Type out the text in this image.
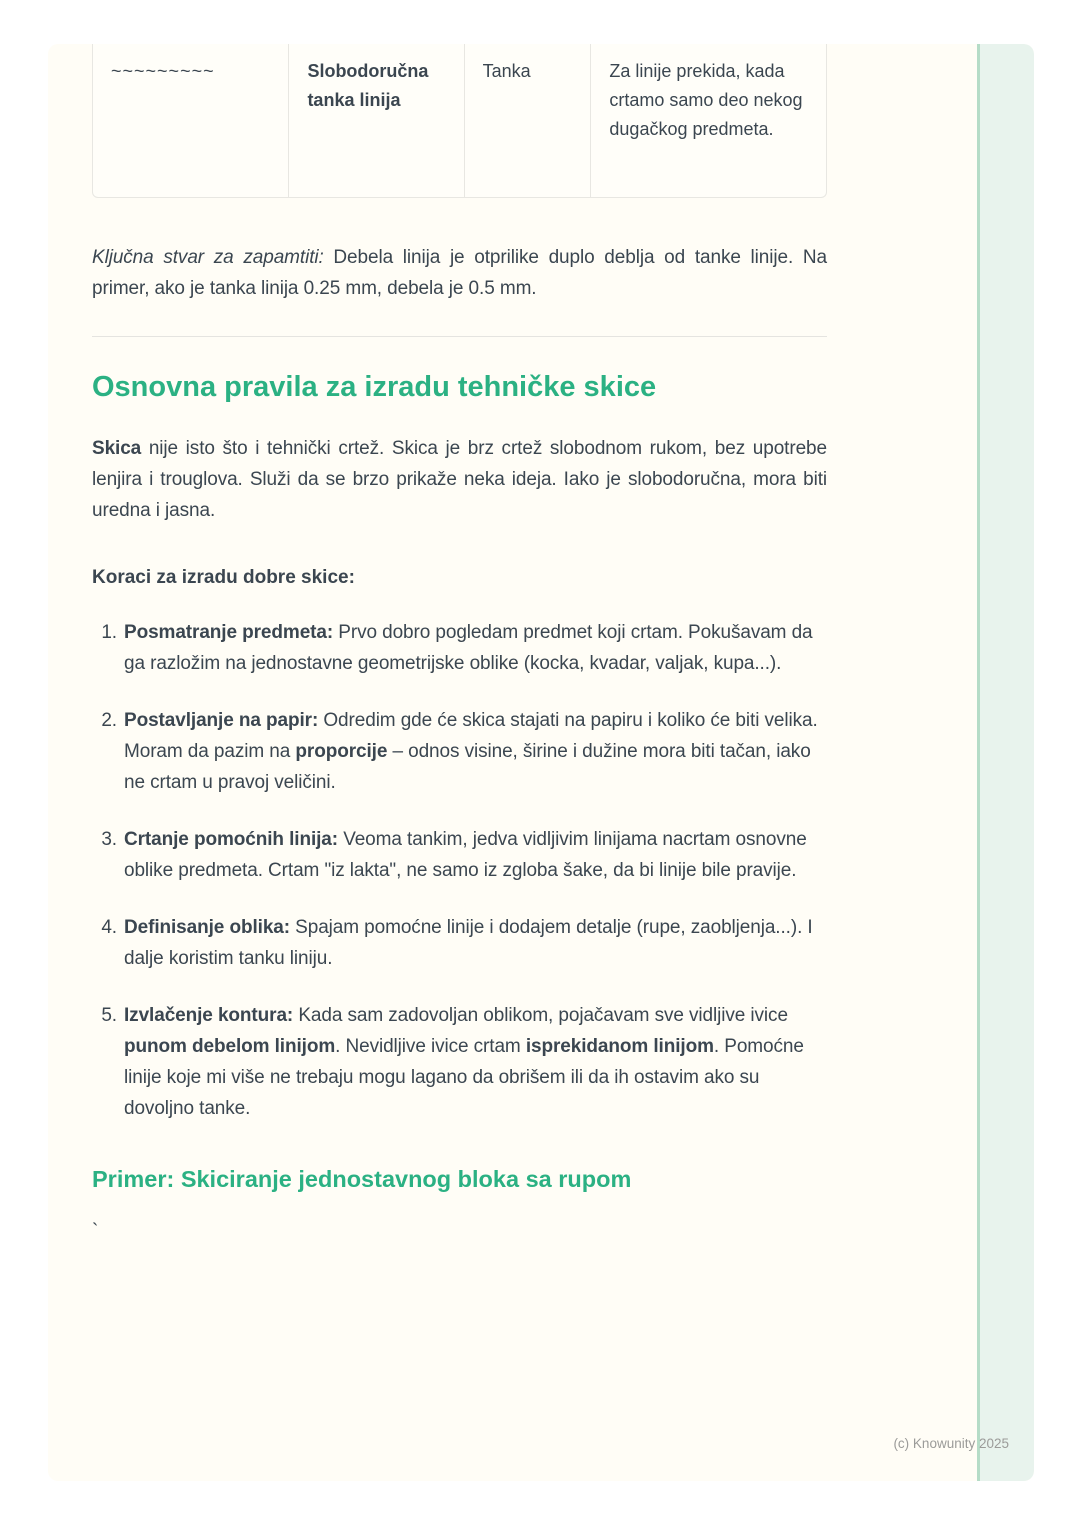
~~~~~~~~~	Slobodoručna tanka linija
Tanka	Za linije prekida, kada crtamo samo deo nekog dugačkog predmeta.

Ključna stvar za zapamtiti: Debela linija je otprilike duplo deblja od tanke linije. Na primer, ako je tanka linija 0.25 mm, debela je 0.5 mm.

Osnovna pravila za izradu tehničke skice

Skica nije isto što i tehnički crtež. Skica je brz crtež slobodnom rukom, bez upotrebe lenjira i trouglova. Služi da se brzo prikaže neka ideja. Iako je slobodoručna, mora biti uredna i jasna.

Koraci za izradu dobre skice:

1. Posmatranje predmeta: Prvo dobro pogledam predmet koji crtam. Pokušavam da ga razložim na jednostavne geometrijske oblike (kocka, kvadar, valjak, kupa...).
2. Postavljanje na papir: Odredim gde će skica stajati na papiru i koliko će biti velika. Moram da pazim na proporcije – odnos visine, širine i dužine mora biti tačan, iako ne crtam u pravoj veličini.
3. Crtanje pomoćnih linija: Veoma tankim, jedva vidljivim linijama nacrtam osnovne oblike predmeta. Crtam "iz lakta", ne samo iz zgloba šake, da bi linije bile pravije.
4. Definisanje oblika: Spajam pomoćne linije i dodajem detalje (rupe, zaobljenja...). I dalje koristim tanku liniju.
5. Izvlačenje kontura: Kada sam zadovoljan oblikom, pojačavam sve vidljive ivice punom debelom linijom. Nevidljive ivice crtam isprekidanom linijom. Pomoćne linije koje mi više ne trebaju mogu lagano da obrišem ili da ih ostavim ako su dovoljno tanke.
Primer: Skiciranje jednostavnog bloka sa rupom

`

(c) Knowunity 2025
